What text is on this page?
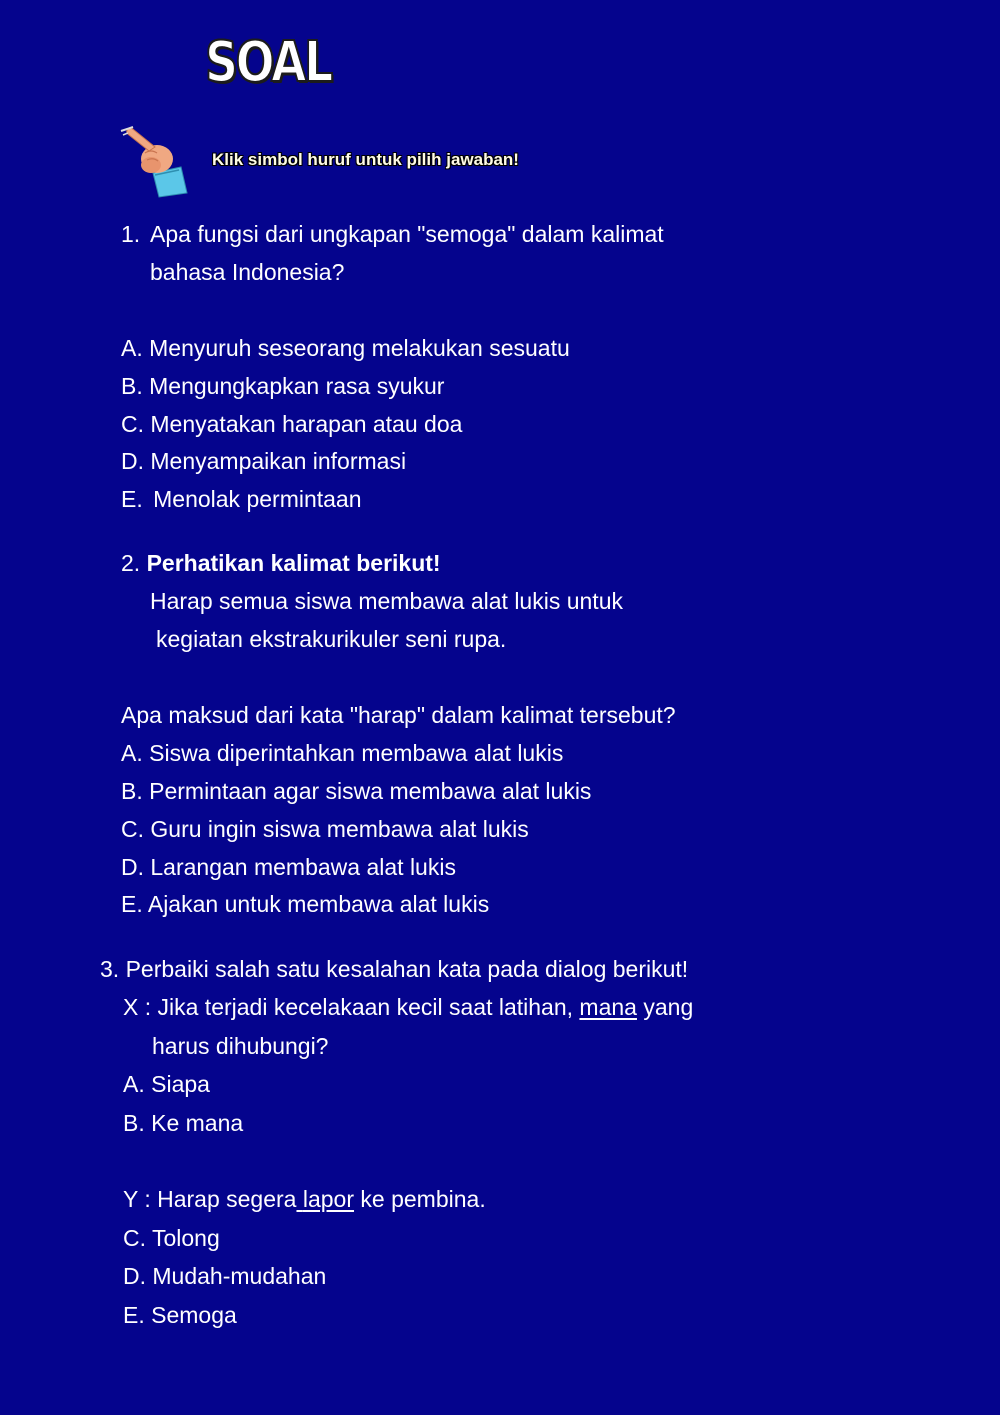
SOAL
Klik simbol huruf untuk pilih jawaban!
1. Apa fungsi dari ungkapan "semoga" dalam kalimat
bahasa Indonesia?
A. Menyuruh seseorang melakukan sesuatu
B. Mengungkapkan rasa syukur
C. Menyatakan harapan atau doa
D. Menyampaikan informasi
E. Menolak permintaan
2. Perhatikan kalimat berikut!
Harap semua siswa membawa alat lukis untuk
kegiatan ekstrakurikuler seni rupa.
Apa maksud dari kata "harap" dalam kalimat tersebut?
A. Siswa diperintahkan membawa alat lukis
B. Permintaan agar siswa membawa alat lukis
C. Guru ingin siswa membawa alat lukis
D. Larangan membawa alat lukis
E. Ajakan untuk membawa alat lukis
3. Perbaiki salah satu kesalahan kata pada dialog berikut!
X : Jika terjadi kecelakaan kecil saat latihan, mana yang
harus dihubungi?
A. Siapa
B. Ke mana
Y : Harap segera lapor ke pembina.
C. Tolong
D. Mudah-mudahan
E. Semoga
